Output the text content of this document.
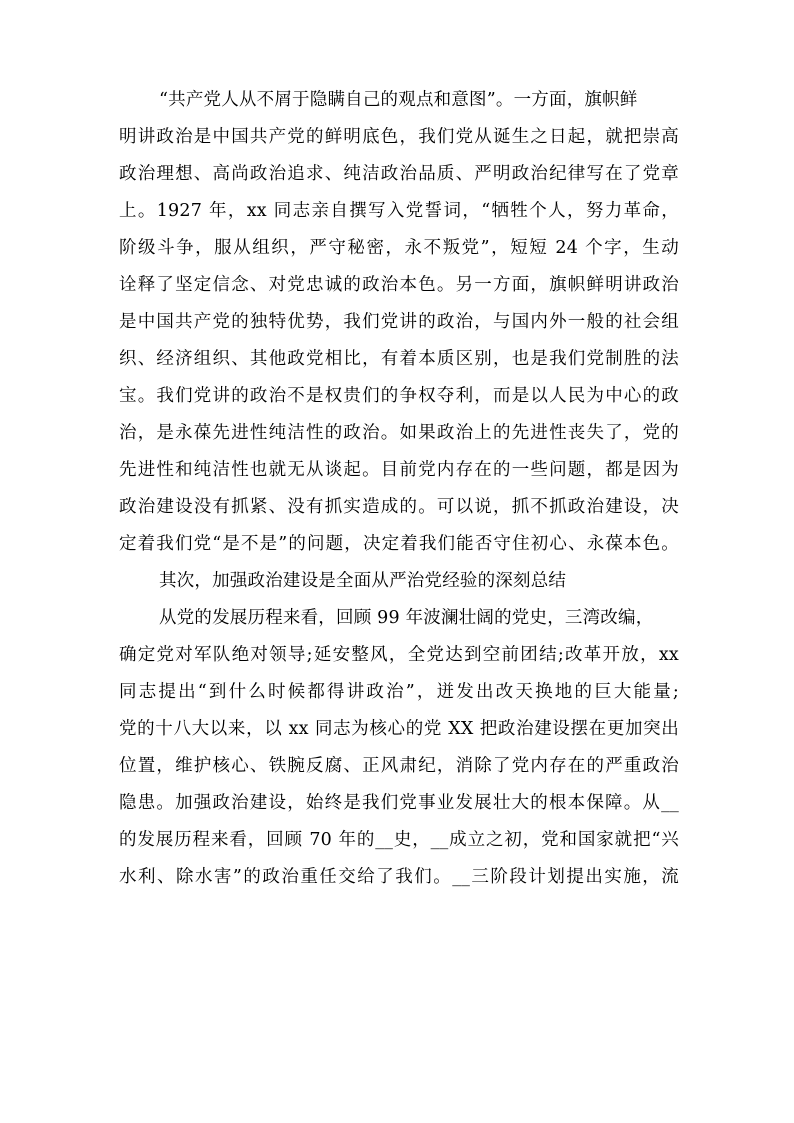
“共产党人从不屑于隐瞒自己的观点和意图”。一方面，旗帜鲜
明讲政治是中国共产党的鲜明底色，我们党从诞生之日起，就把崇高
政治理想、高尚政治追求、纯洁政治品质、严明政治纪律写在了党章
上。1927 年，xx 同志亲自撰写入党誓词，“牺牲个人，努力革命，
阶级斗争，服从组织，严守秘密，永不叛党”，短短 24 个字，生动
诠释了坚定信念、对党忠诚的政治本色。另一方面，旗帜鲜明讲政治
是中国共产党的独特优势，我们党讲的政治，与国内外一般的社会组
织、经济组织、其他政党相比，有着本质区别，也是我们党制胜的法
宝。我们党讲的政治不是权贵们的争权夺利，而是以人民为中心的政
治，是永葆先进性纯洁性的政治。如果政治上的先进性丧失了，党的
先进性和纯洁性也就无从谈起。目前党内存在的一些问题，都是因为
政治建设没有抓紧、没有抓实造成的。可以说，抓不抓政治建设，决
定着我们党“是不是”的问题，决定着我们能否守住初心、永葆本色。
其次，加强政治建设是全面从严治党经验的深刻总结
从党的发展历程来看，回顾 99 年波澜壮阔的党史，三湾改编，
确定党对军队绝对领导;延安整风，全党达到空前团结;改革开放，xx
同志提出“到什么时候都得讲政治”，迸发出改天换地的巨大能量;
党的十八大以来，以 xx 同志为核心的党 XX 把政治建设摆在更加突出
位置，维护核心、铁腕反腐、正风肃纪，消除了党内存在的严重政治
隐患。加强政治建设，始终是我们党事业发展壮大的根本保障。从__
的发展历程来看，回顾 70 年的__史，__成立之初，党和国家就把“兴
水利、除水害”的政治重任交给了我们。__三阶段计划提出实施，流
